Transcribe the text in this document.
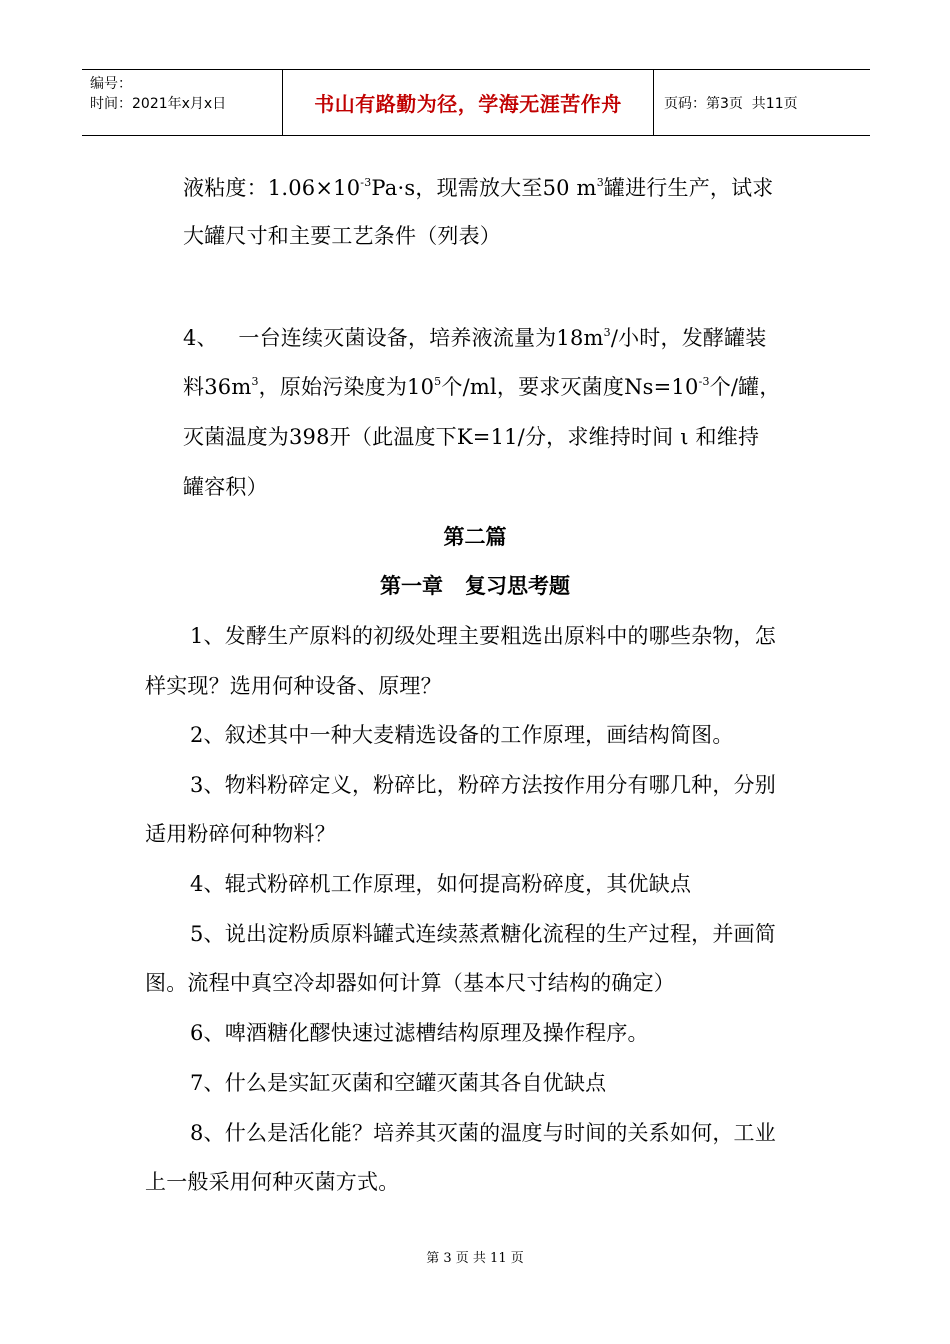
编号：
时间：2021年x月x日	书山有路勤为径，学海无涯苦作舟	页码：第3页  共11页
液粘度：$1.06\times 10^{-3}Pa\cdot s$，现需放大至50 $m^3$罐进行生产，试求
大罐尺寸和主要工艺条件（列表）
4、   一台连续灭菌设备，培养液流量为$18m^3/$小时，发酵罐装
料$36m^3$，原始污染度为$10^5$个/ml，要求灭菌度$Ns=10^{-3}$个/罐，
灭菌温度为398开（此温度下K=11/分，求维持时间 ι 和维持
罐容积）
第二篇
第一章   复习思考题
1、发酵生产原料的初级处理主要粗选出原料中的哪些杂物，怎
样实现？选用何种设备、原理？
2、叙述其中一种大麦精选设备的工作原理，画结构简图。
3、物料粉碎定义，粉碎比，粉碎方法按作用分有哪几种，分别
适用粉碎何种物料？
4、辊式粉碎机工作原理，如何提高粉碎度，其优缺点
5、说出淀粉质原料罐式连续蒸煮糖化流程的生产过程，并画简
图。流程中真空冷却器如何计算（基本尺寸结构的确定）
6、啤酒糖化醪快速过滤槽结构原理及操作程序。
7、什么是实缸灭菌和空罐灭菌其各自优缺点
8、什么是活化能？培养其灭菌的温度与时间的关系如何，工业
上一般采用何种灭菌方式。
第 3 页 共 11 页
